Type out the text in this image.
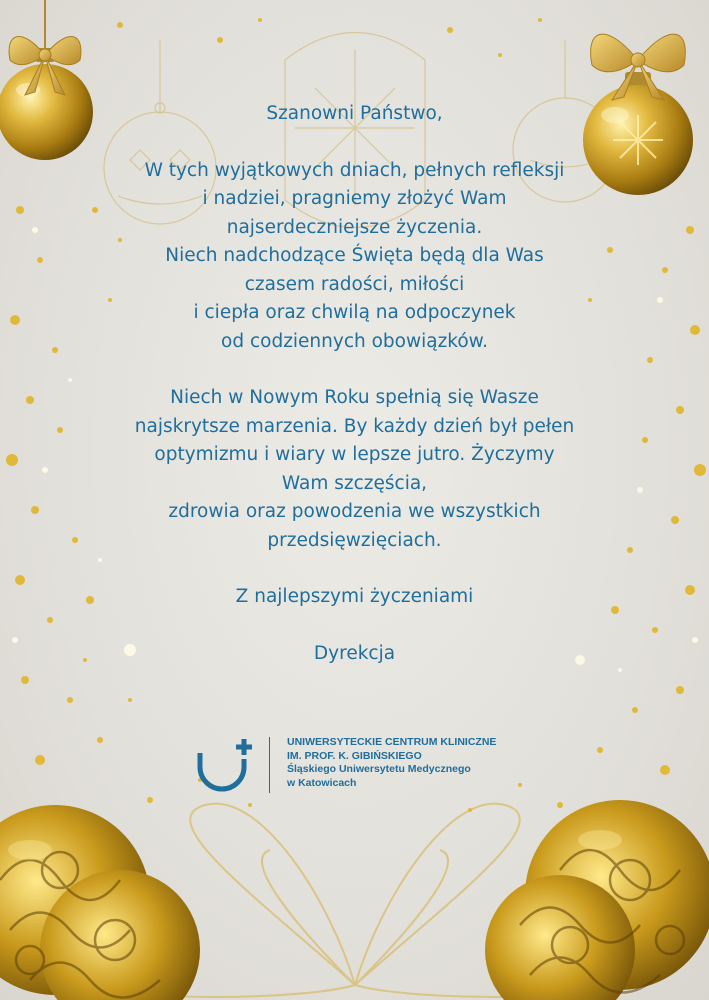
Szanowni Państwo,

W tych wyjątkowych dniach, pełnych refleksji

i nadziei, pragniemy złożyć Wam

najserdeczniejsze życzenia.

Niech nadchodzące Święta będą dla Was

czasem radości, miłości

i ciepła oraz chwilą na odpoczynek

od codziennych obowiązków.

Niech w Nowym Roku spełnią się Wasze

najskrytsze marzenia. By każdy dzień był pełen

optymizmu i wiary w lepsze jutro. Życzymy

Wam szczęścia,

zdrowia oraz powodzenia we wszystkich

przedsięwzięciach.

Z najlepszymi życzeniami

Dyrekcja

UNIWERSYTECKIE CENTRUM KLINICZNE
IM. PROF. K. GIBIŃSKIEGO
Śląskiego Uniwersytetu Medycznego
w Katowicach
